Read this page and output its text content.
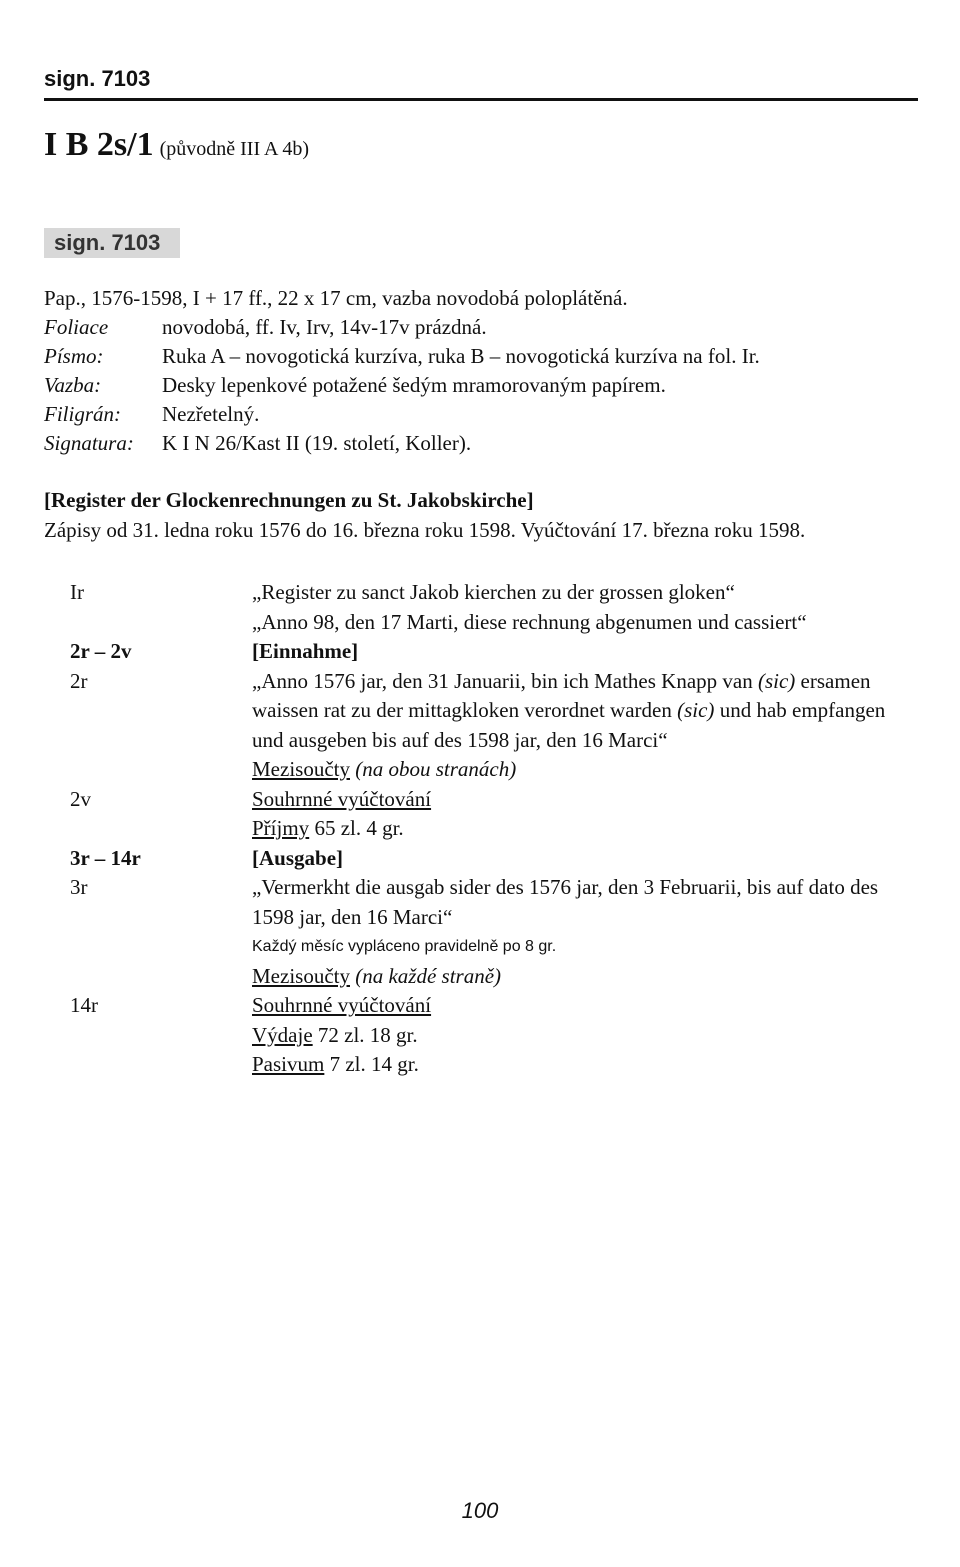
sign. 7103
I B 2s/1 (původně III A 4b)
sign. 7103
Pap., 1576-1598, I + 17 ff., 22 x 17 cm, vazba novodobá poloplátěná.
Foliace	novodobá, ff. Iv, Irv, 14v-17v prázdná.
Písmo:	Ruka A – novogotická kurzíva, ruka B – novogotická kurzíva na fol. Ir.
Vazba:	Desky lepenkové potažené šedým mramorovaným papírem.
Filigrán:	Nezřetelný.
Signatura:	K I N 26/Kast II (19. století, Koller).
[Register der Glockenrechnungen zu St. Jakobskirche]
Zápisy od 31. ledna roku 1576 do 16. března roku 1598. Vyúčtování 17. března roku 1598.
Ir	„Register zu sanct Jakob kierchen zu der grossen gloken“
„Anno 98, den 17 Marti, diese rechnung abgenumen und cassiert“
2r – 2v	[Einnahme]
2r	„Anno 1576 jar, den 31 Januarii, bin ich Mathes Knapp van (sic) ersamen waissen rat zu der mittagkloken verordnet warden (sic) und hab empfangen und ausgeben bis auf des 1598 jar, den 16 Marci“
Mezisoučty (na obou stranách)
2v	Souhrnné vyúčtování
Příjmy 65 zl. 4 gr.
3r – 14r	[Ausgabe]
3r	„Vermerkht die ausgab sider des 1576 jar, den 3 Februarii, bis auf dato des 1598 jar, den 16 Marci“
Každý měsíc vypláceno pravidelně po 8 gr.
Mezisoučty (na každé straně)
14r	Souhrnné vyúčtování
Výdaje 72 zl. 18 gr.
Pasivum 7 zl. 14 gr.
100
